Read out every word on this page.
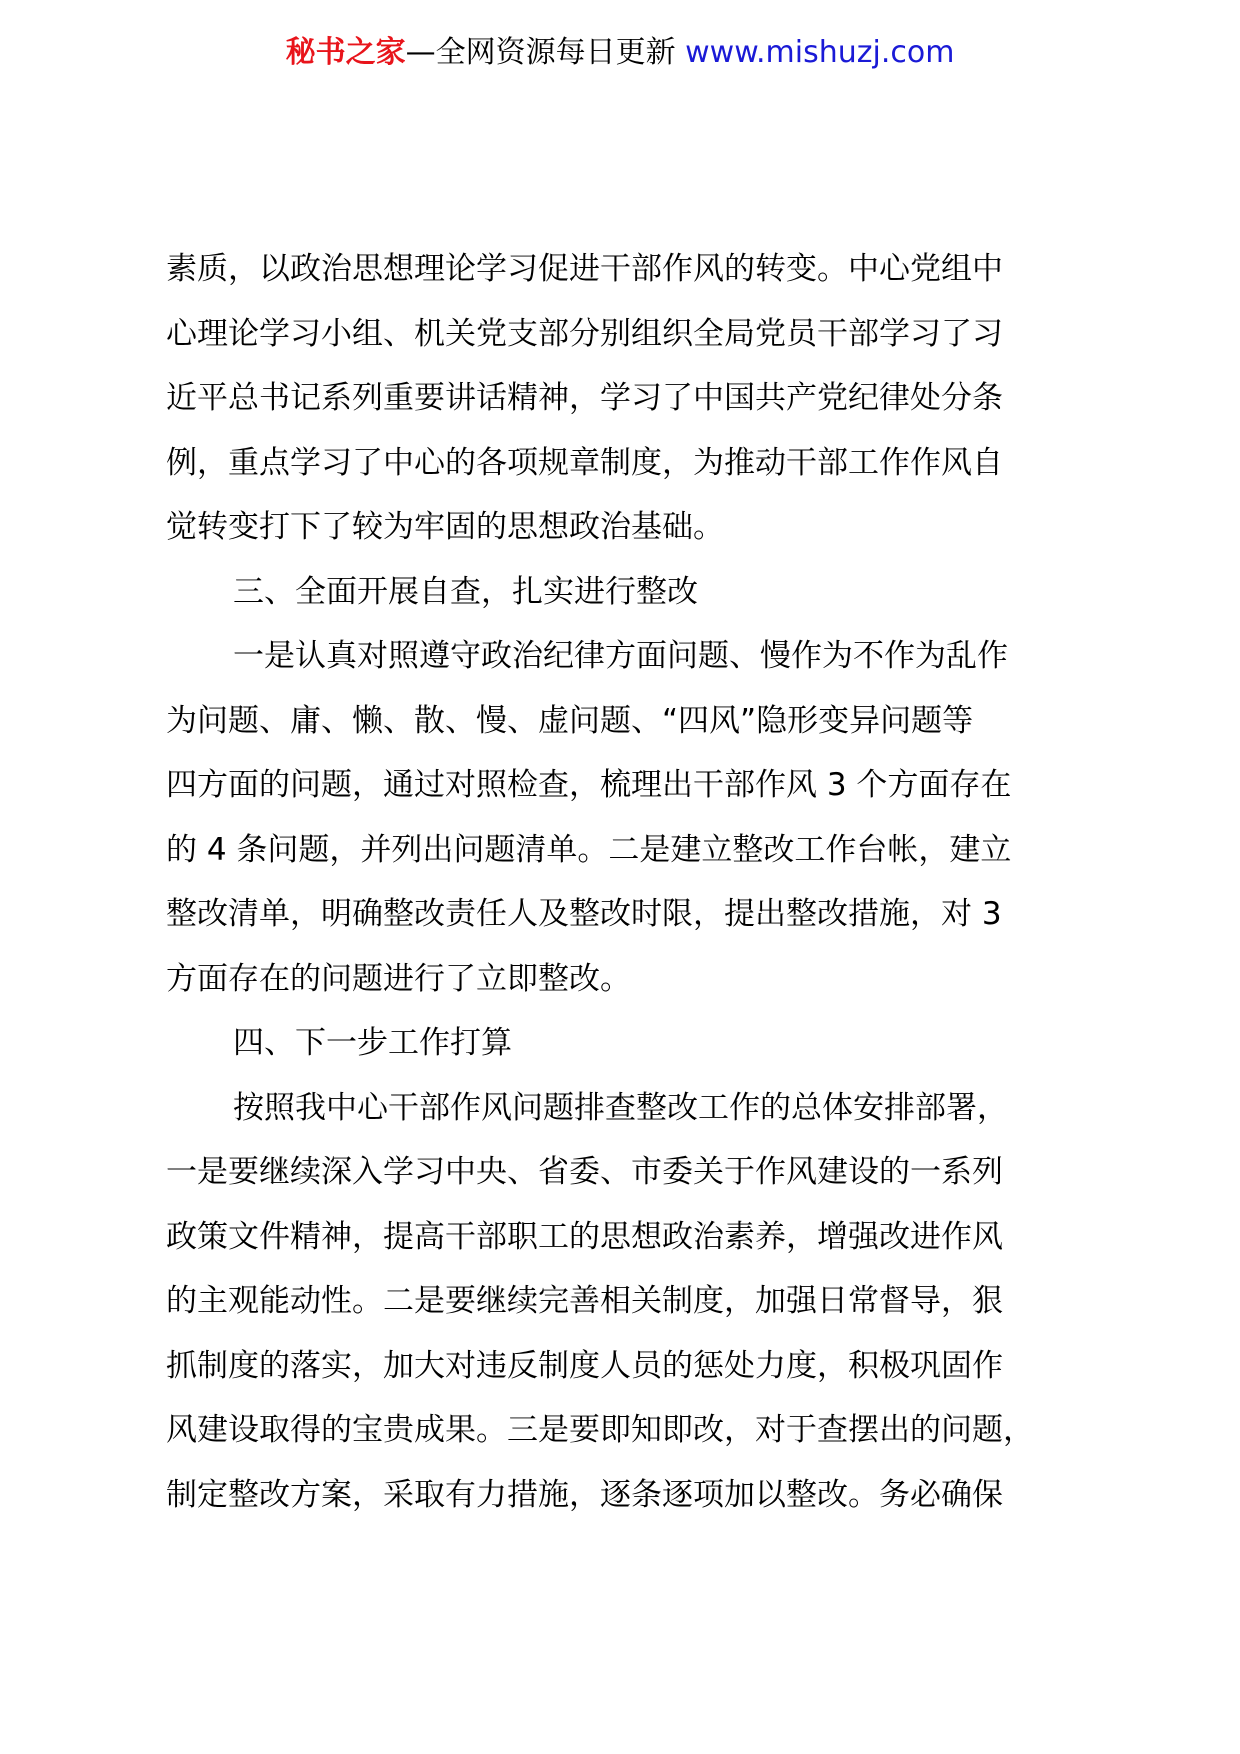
秘书之家—全网资源每日更新 www.mishuzj.com
素质，以政治思想理论学习促进干部作风的转变。中心党组中
心理论学习小组、机关党支部分别组织全局党员干部学习了习
近平总书记系列重要讲话精神，学习了中国共产党纪律处分条
例，重点学习了中心的各项规章制度，为推动干部工作作风自
觉转变打下了较为牢固的思想政治基础。
三、全面开展自查，扎实进行整改
一是认真对照遵守政治纪律方面问题、慢作为不作为乱作
为问题、庸、懒、散、慢、虚问题、“四风”隐形变异问题等
四方面的问题，通过对照检查，梳理出干部作风 3 个方面存在
的 4 条问题，并列出问题清单。二是建立整改工作台帐，建立
整改清单，明确整改责任人及整改时限，提出整改措施，对 3
方面存在的问题进行了立即整改。
四、下一步工作打算
按照我中心干部作风问题排查整改工作的总体安排部署，
一是要继续深入学习中央、省委、市委关于作风建设的一系列
政策文件精神，提高干部职工的思想政治素养，增强改进作风
的主观能动性。二是要继续完善相关制度，加强日常督导，狠
抓制度的落实，加大对违反制度人员的惩处力度，积极巩固作
风建设取得的宝贵成果。三是要即知即改，对于查摆出的问题，
制定整改方案，采取有力措施，逐条逐项加以整改。务必确保
